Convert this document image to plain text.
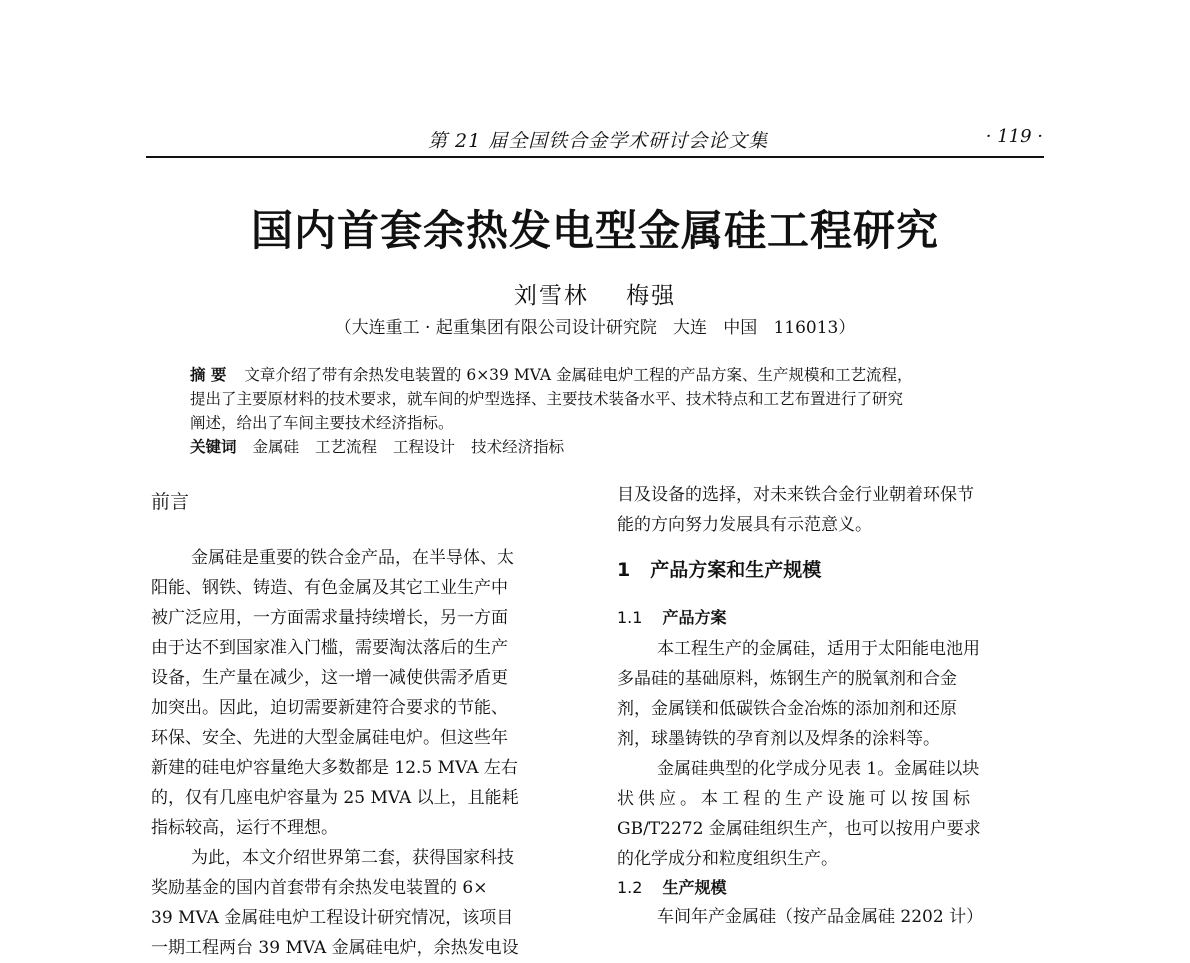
第 21 届全国铁合金学术研讨会论文集	· 119 ·
国内首套余热发电型金属硅工程研究
刘雪林    梅强
（大连重工 · 起重集团有限公司设计研究院   大连   中国   116013）
摘 要 文章介绍了带有余热发电装置的 6×39 MVA 金属硅电炉工程的产品方案、生产规模和工艺流程，
提出了主要原材料的技术要求，就车间的炉型选择、主要技术装备水平、技术特点和工艺布置进行了研究
阐述，给出了车间主要技术经济指标。
关键词 金属硅 工艺流程 工程设计 技术经济指标
前言
金属硅是重要的铁合金产品，在半导体、太
阳能、钢铁、铸造、有色金属及其它工业生产中
被广泛应用，一方面需求量持续增长，另一方面
由于达不到国家准入门槛，需要淘汰落后的生产
设备，生产量在减少，这一增一减使供需矛盾更
加突出。因此，迫切需要新建符合要求的节能、
环保、安全、先进的大型金属硅电炉。但这些年
新建的硅电炉容量绝大多数都是 12.5 MVA 左右
的，仅有几座电炉容量为 25 MVA 以上，且能耗
指标较高，运行不理想。
为此，本文介绍世界第二套，获得国家科技
奖励基金的国内首套带有余热发电装置的 6×
39 MVA 金属硅电炉工程设计研究情况，该项目
一期工程两台 39 MVA 金属硅电炉，余热发电设
目及设备的选择，对未来铁合金行业朝着环保节
能的方向努力发展具有示范意义。
1 产品方案和生产规模
1.1 产品方案
本工程生产的金属硅，适用于太阳能电池用
多晶硅的基础原料，炼钢生产的脱氧剂和合金
剂，金属镁和低碳铁合金冶炼的添加剂和还原
剂，球墨铸铁的孕育剂以及焊条的涂料等。
金属硅典型的化学成分见表 1。金属硅以块
状供应。本工程的生产设施可以按国标
GB/T2272 金属硅组织生产，也可以按用户要求
的化学成分和粒度组织生产。
1.2 生产规模
车间年产金属硅（按产品金属硅 2202 计）
